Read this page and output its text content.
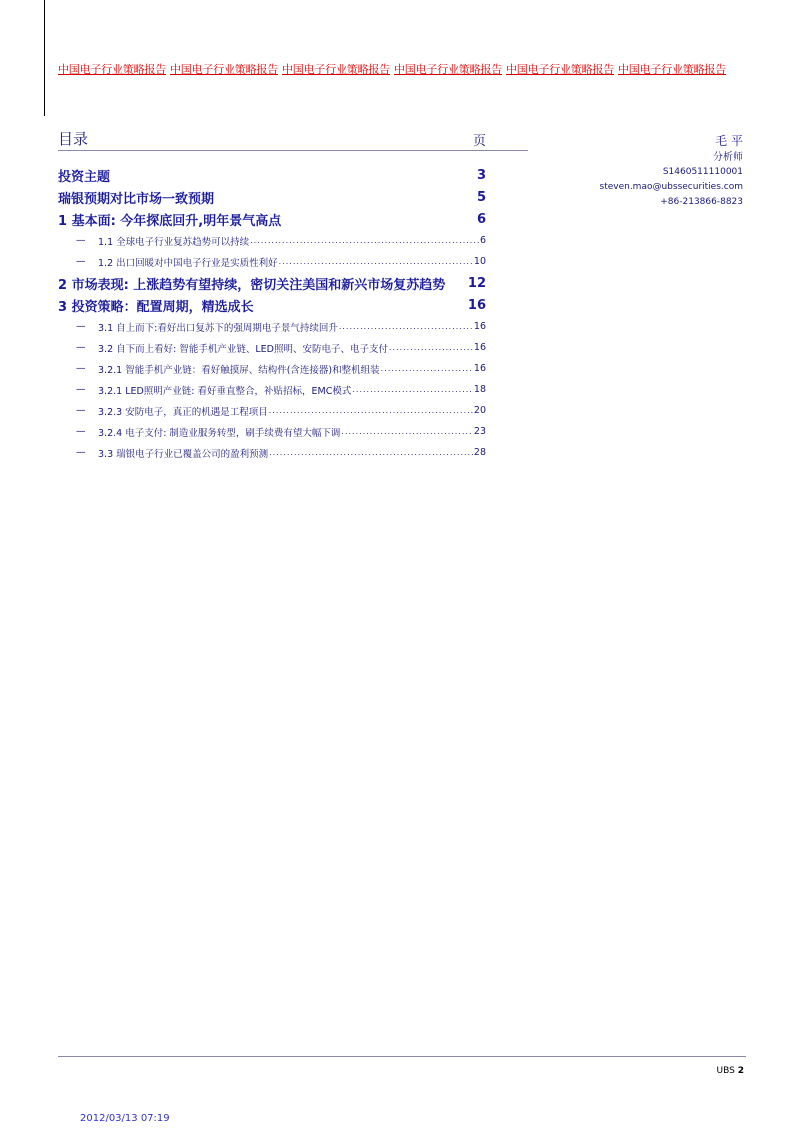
中国电子行业策略报告 中国电子行业策略报告 中国电子行业策略报告 中国电子行业策略报告 中国电子行业策略报告 中国电子行业策略报告
目录	页
投资主题	3
瑞银预期对比市场一致预期	5
1 基本面: 今年探底回升,明年景气高点	6
—	1.1 全球电子行业复苏趋势可以持续 .....	6
—	1.2 出口回暖对中国电子行业是实质性利好 .....	10
2 市场表现: 上涨趋势有望持续，密切关注美国和新兴市场复苏趋势 12
3 投资策略：配置周期，精选成长	16
—	3.1 自上而下:看好出口复苏下的强周期电子景气持续回升 .....	16
—	3.2 自下而上看好: 智能手机产业链、LED照明、安防电子、电子支付 .....	16
—	3.2.1 智能手机产业链：看好触摸屏、结构件(含连接器)和整机组装 .....	16
—	3.2.1 LED照明产业链: 看好垂直整合，补贴招标，EMC模式 .....	18
—	3.2.3 安防电子，真正的机遇是工程项目 .....	20
—	3.2.4 电子支付: 制造业服务转型，刷手续费有望大幅下调 .....	23
—	3.3 瑞银电子行业已覆盖公司的盈利预测 .....	28
毛 平
分析师
S1460511110001
steven.mao@ubssecurities.com
+86-213866-8823
UBS 2
2012/03/13 07:19
